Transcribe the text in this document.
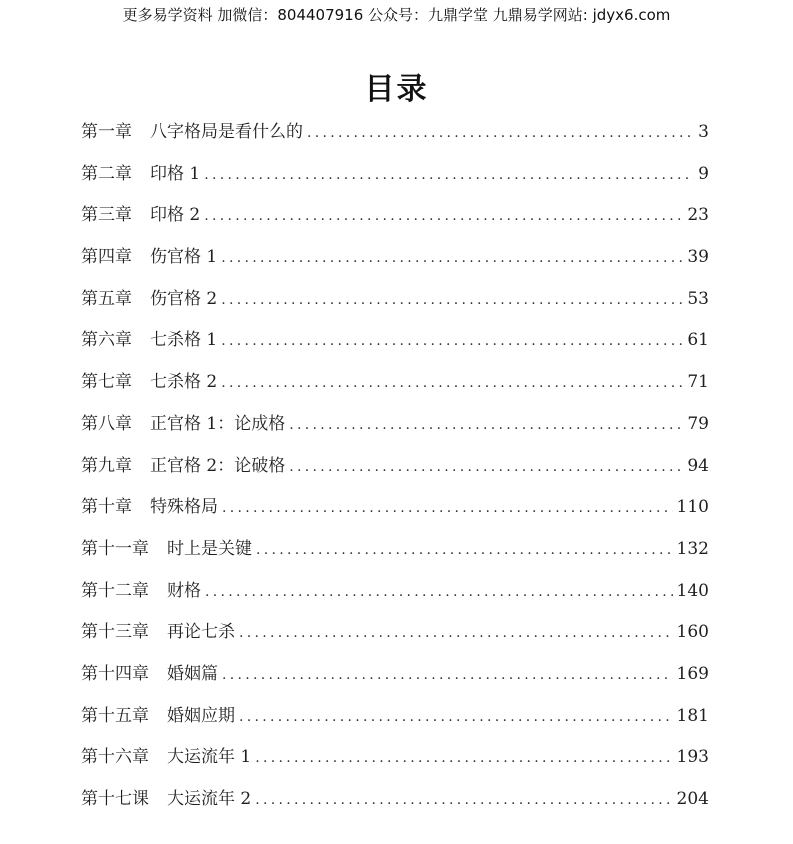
更多易学资料 加微信：804407916 公众号：九鼎学堂 九鼎易学网站: jdyx6.com
目录
第一章	八字格局是看什么的 .....	3
第二章	印格 1 .....	9
第三章	印格 2 .....	23
第四章	伤官格 1 .....	39
第五章	伤官格 2 .....	53
第六章	七杀格 1 .....	61
第七章	七杀格 2 .....	71
第八章	正官格 1：论成格 .....	79
第九章	正官格 2：论破格 .....	94
第十章	特殊格局 .....	110
第十一章	时上是关键 .....	132
第十二章	财格 .....	140
第十三章	再论七杀 .....	160
第十四章	婚姻篇 .....	169
第十五章	婚姻应期 .....	181
第十六章	大运流年 1 .....	193
第十七课	大运流年 2 .....	204
